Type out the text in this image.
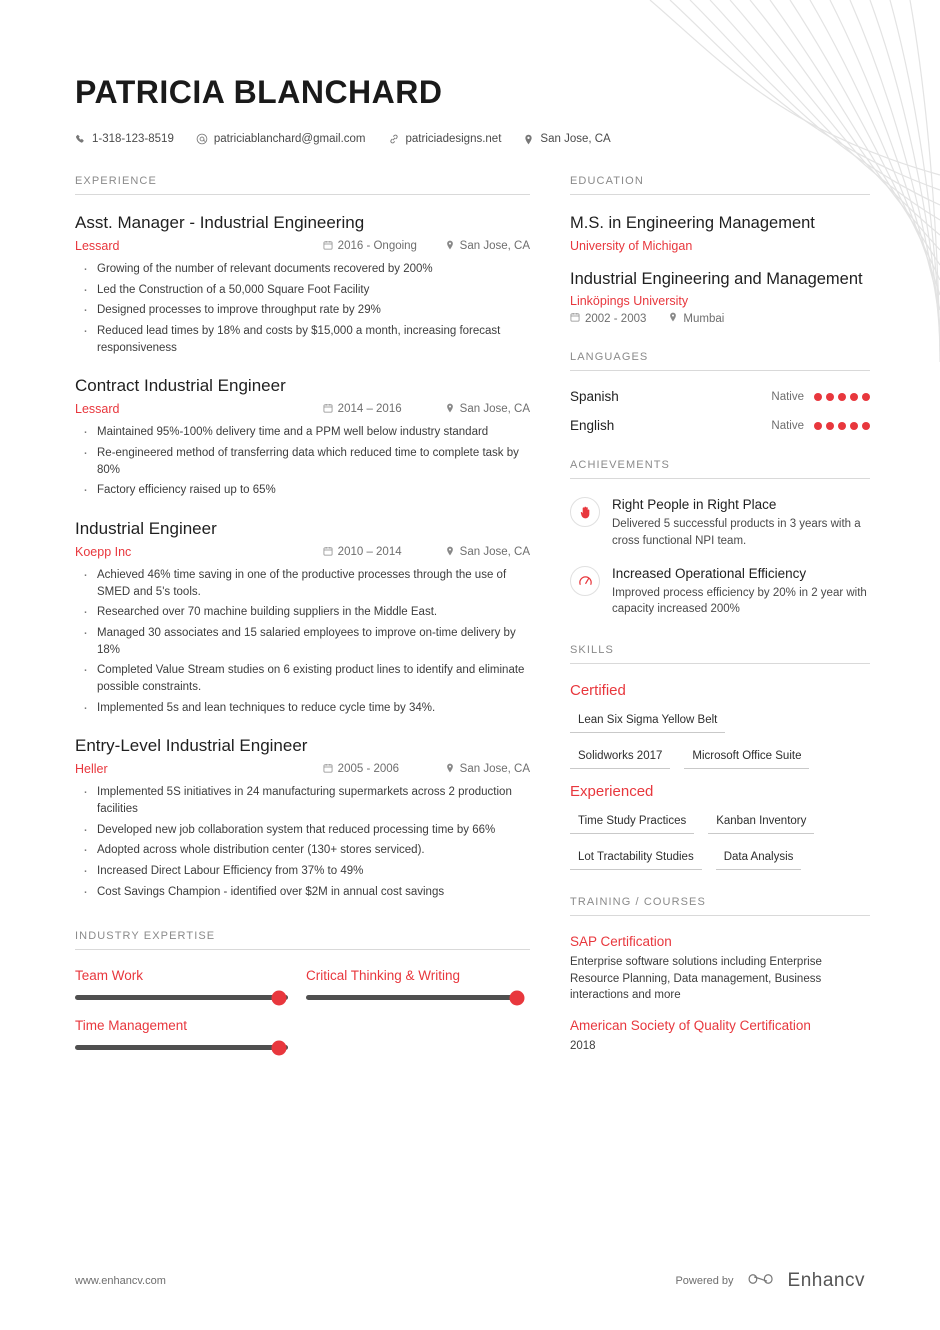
PATRICIA BLANCHARD
1-318-123-8519	patriciablanchard@gmail.com	patriciadesigns.net	San Jose, CA
EXPERIENCE
Asst. Manager - Industrial Engineering
Lessard	2016 - Ongoing	San Jose, CA
· Growing of the number of relevant documents recovered by 200%
· Led the Construction of a 50,000 Square Foot Facility
· Designed processes to improve throughput rate by 29%
· Reduced lead times by 18% and costs by $15,000 a month, increasing forecast responsiveness
Contract Industrial Engineer
Lessard	2014 – 2016	San Jose, CA
· Maintained 95%-100% delivery time and a PPM well below industry standard
· Re-engineered method of transferring data which reduced time to complete task by 80%
· Factory efficiency raised up to 65%
Industrial Engineer
Koepp Inc	2010 – 2014	San Jose, CA
· Achieved 46% time saving in one of the productive processes through the use of SMED and 5's tools.
· Researched over 70 machine building suppliers in the Middle East.
· Managed 30 associates and 15 salaried employees to improve on-time delivery by 18%
· Completed Value Stream studies on 6 existing product lines to identify and eliminate possible constraints.
· Implemented 5s and lean techniques to reduce cycle time by 34%.
Entry-Level Industrial Engineer
Heller	2005 - 2006	San Jose, CA
· Implemented 5S initiatives in 24 manufacturing supermarkets across 2 production facilities
· Developed new job collaboration system that reduced processing time by 66%
· Adopted across whole distribution center (130+ stores serviced).
· Increased Direct Labour Efficiency from 37% to 49%
· Cost Savings Champion - identified over $2M in annual cost savings
INDUSTRY EXPERTISE
Team Work	Critical Thinking & Writing
Time Management
EDUCATION
M.S. in Engineering Management
University of Michigan
Industrial Engineering and Management
Linköpings University
2002 - 2003	Mumbai
LANGUAGES
Spanish	Native
English	Native
ACHIEVEMENTS
Right People in Right Place
Delivered 5 successful products in 3 years with a cross functional NPI team.
Increased Operational Efficiency
Improved process efficiency by 20% in 2 year with capacity increased 200%
SKILLS
Certified
Lean Six Sigma Yellow Belt
Solidworks 2017	Microsoft Office Suite
Experienced
Time Study Practices	Kanban Inventory
Lot Tractability Studies	Data Analysis
TRAINING / COURSES
SAP Certification
Enterprise software solutions including Enterprise Resource Planning, Data management, Business interactions and more
American Society of Quality Certification
2018
www.enhancv.com	Powered by	Enhancv
